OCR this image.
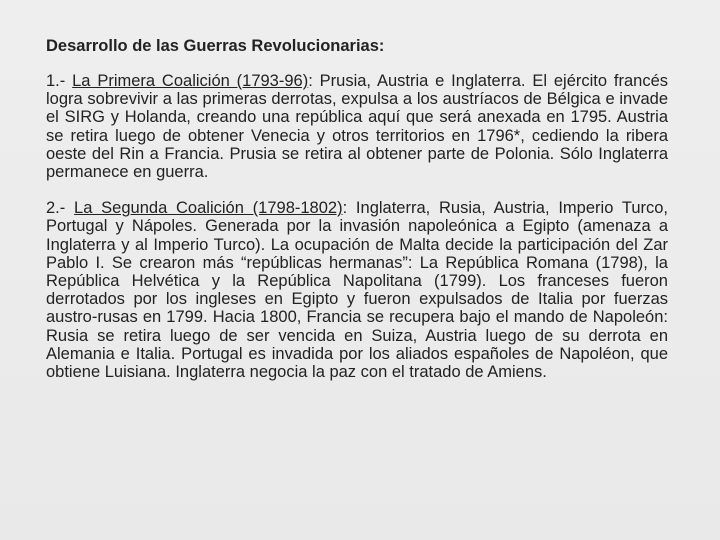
Desarrollo de las Guerras Revolucionarias:

1.- La Primera Coalición (1793-96): Prusia, Austria e Inglaterra. El ejército francés logra sobrevivir a las primeras derrotas, expulsa a los austríacos de Bélgica e invade el SIRG y Holanda, creando una república aquí que será anexada en 1795. Austria se retira luego de obtener Venecia y otros territorios en 1796*, cediendo la ribera oeste del Rin a Francia. Prusia se retira al obtener parte de Polonia. Sólo Inglaterra permanece en guerra.

2.- La Segunda Coalición (1798-1802): Inglaterra, Rusia, Austria, Imperio Turco, Portugal y Nápoles. Generada por la invasión napoleónica a Egipto (amenaza a Inglaterra y al Imperio Turco). La ocupación de Malta decide la participación del Zar Pablo I. Se crearon más “repúblicas hermanas”: La República Romana (1798), la República Helvética y la República Napolitana (1799). Los franceses fueron derrotados por los ingleses en Egipto y fueron expulsados de Italia por fuerzas austro-rusas en 1799. Hacia 1800, Francia se recupera bajo el mando de Napoleón: Rusia se retira luego de ser vencida en Suiza, Austria luego de su derrota en Alemania e Italia. Portugal es invadida por los aliados españoles de Napoléon, que obtiene Luisiana. Inglaterra negocia la paz con el tratado de Amiens.
